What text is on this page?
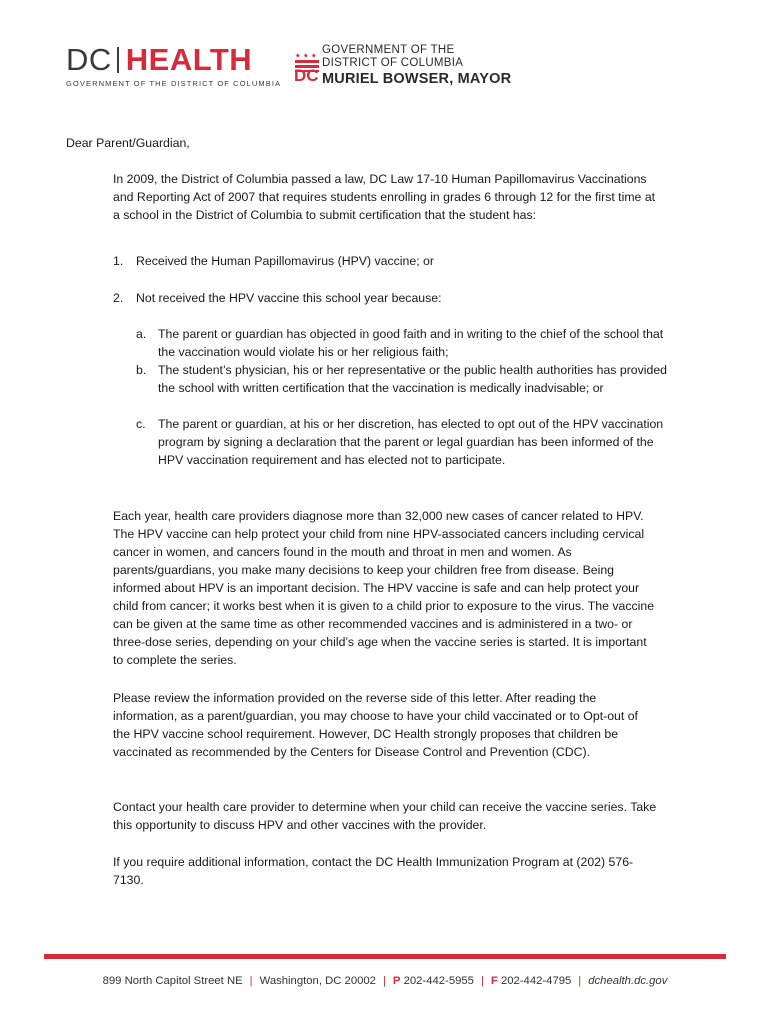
DC HEALTH
GOVERNMENT OF THE DISTRICT OF COLUMBIA DC
GOVERNMENT OF THE
DISTRICT OF COLUMBIA
MURIEL BOWSER, MAYOR

Dear Parent/Guardian,

In 2009, the District of Columbia passed a law, DC Law 17-10 Human Papillomavirus Vaccinations and Reporting Act of 2007 that requires students enrolling in grades 6 through 12 for the first time at a school in the District of Columbia to submit certification that the student has:

1. Received the Human Papillomavirus (HPV) vaccine; or
2. Not received the HPV vaccine this school year because:
a. The parent or guardian has objected in good faith and in writing to the chief of the school that the vaccination would violate his or her religious faith;
b. The student’s physician, his or her representative or the public health authorities has provided the school with written certification that the vaccination is medically inadvisable; or
c. The parent or guardian, at his or her discretion, has elected to opt out of the HPV vaccination program by signing a declaration that the parent or legal guardian has been informed of the HPV vaccination requirement and has elected not to participate.

Each year, health care providers diagnose more than 32,000 new cases of cancer related to HPV. The HPV vaccine can help protect your child from nine HPV-associated cancers including cervical cancer in women, and cancers found in the mouth and throat in men and women. As parents/guardians, you make many decisions to keep your children free from disease. Being informed about HPV is an important decision. The HPV vaccine is safe and can help protect your child from cancer; it works best when it is given to a child prior to exposure to the virus. The vaccine can be given at the same time as other recommended vaccines and is administered in a two- or three-dose series, depending on your child’s age when the vaccine series is started. It is important to complete the series.

Please review the information provided on the reverse side of this letter. After reading the information, as a parent/guardian, you may choose to have your child vaccinated or to Opt-out of the HPV vaccine school requirement. However, DC Health strongly proposes that children be vaccinated as recommended by the Centers for Disease Control and Prevention (CDC).

Contact your health care provider to determine when your child can receive the vaccine series. Take this opportunity to discuss HPV and other vaccines with the provider.

If you require additional information, contact the DC Health Immunization Program at (202) 576-7130.

899 North Capitol Street NE | Washington, DC 20002 | P 202-442-5955 | F 202-442-4795 | dchealth.dc.gov
